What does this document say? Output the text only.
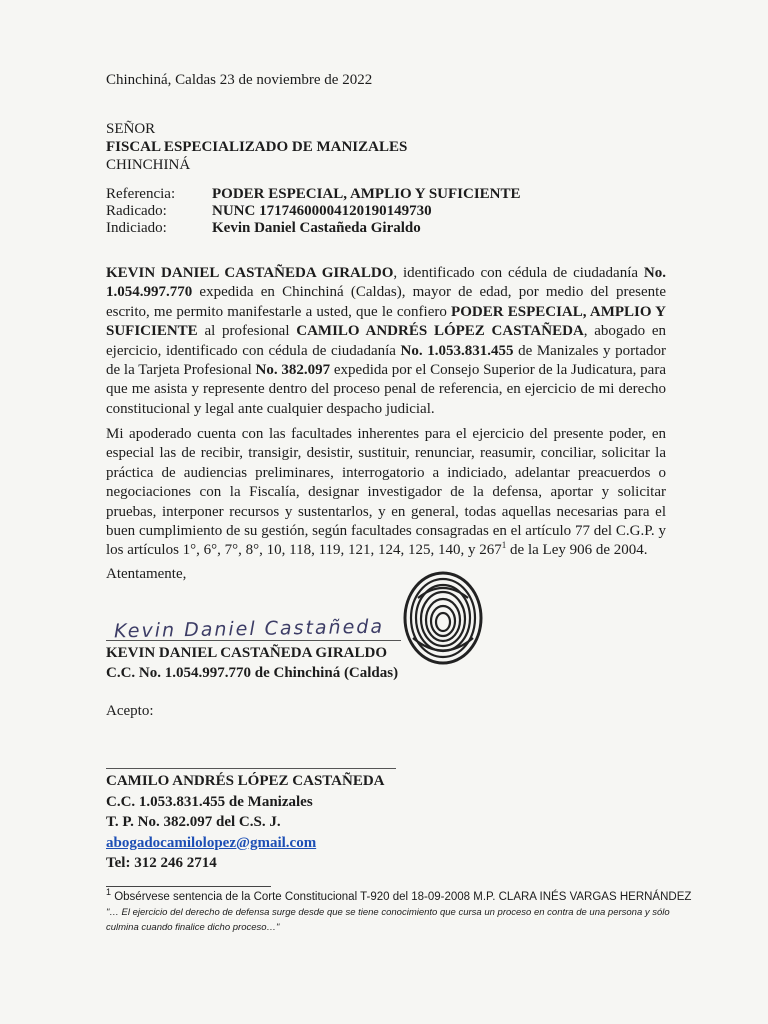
Chinchiná, Caldas 23 de noviembre de 2022
SEÑOR
FISCAL ESPECIALIZADO DE MANIZALES
CHINCHINÁ
Referencia:	PODER ESPECIAL, AMPLIO Y SUFICIENTE
Radicado:	NUNC 17174600004120190149730
Indiciado:	Kevin Daniel Castañeda Giraldo
KEVIN DANIEL CASTAÑEDA GIRALDO, identificado con cédula de ciudadanía No. 1.054.997.770 expedida en Chinchiná (Caldas), mayor de edad, por medio del presente escrito, me permito manifestarle a usted, que le confiero PODER ESPECIAL, AMPLIO Y SUFICIENTE al profesional CAMILO ANDRÉS LÓPEZ CASTAÑEDA, abogado en ejercicio, identificado con cédula de ciudadanía No. 1.053.831.455 de Manizales y portador de la Tarjeta Profesional No. 382.097 expedida por el Consejo Superior de la Judicatura, para que me asista y represente dentro del proceso penal de referencia, en ejercicio de mi derecho constitucional y legal ante cualquier despacho judicial.
Mi apoderado cuenta con las facultades inherentes para el ejercicio del presente poder, en especial las de recibir, transigir, desistir, sustituir, renunciar, reasumir, conciliar, solicitar la práctica de audiencias preliminares, interrogatorio a indiciado, adelantar preacuerdos o negociaciones con la Fiscalía, designar investigador de la defensa, aportar y solicitar pruebas, interponer recursos y sustentarlos, y en general, todas aquellas necesarias para el buen cumplimiento de su gestión, según facultades consagradas en el artículo 77 del C.G.P. y los artículos 1°, 6°, 7°, 8°, 10, 118, 119, 121, 124, 125, 140, y $267^1$ de la Ley 906 de 2004.
Atentamente,
Kevin Daniel Castañeda
KEVIN DANIEL CASTAÑEDA GIRALDO
C.C. No. 1.054.997.770 de Chinchiná (Caldas)
Acepto:
CAMILO ANDRÉS LÓPEZ CASTAÑEDA
C.C. 1.053.831.455 de Manizales
T. P. No. 382.097 del C.S. J.
abogadocamilolopez@gmail.com
Tel: 312 246 2714
$^1$ Obsérvese sentencia de la Corte Constitucional T-920 del 18-09-2008 M.P. CLARA INÉS VARGAS HERNÁNDEZ "… El ejercicio del derecho de defensa surge desde que se tiene conocimiento que cursa un proceso en contra de una persona y sólo culmina cuando finalice dicho proceso…"
